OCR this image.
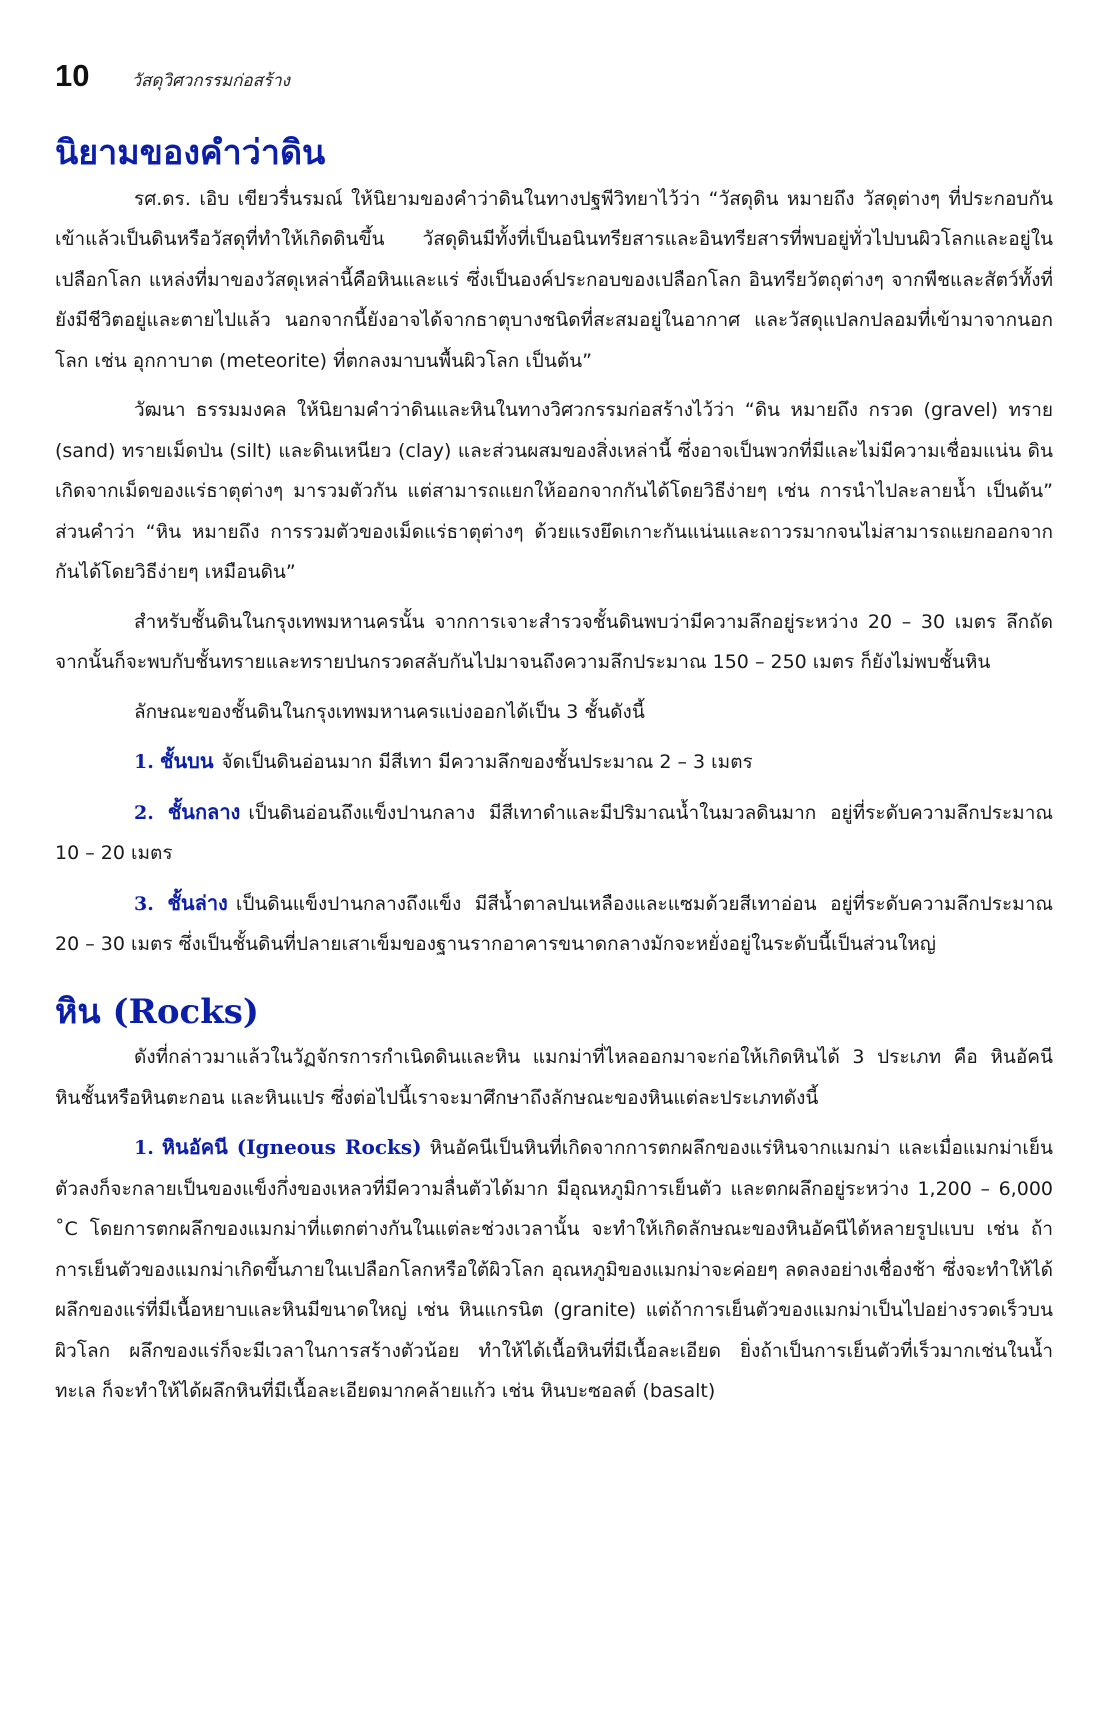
10 วัสดุวิศวกรรมก่อสร้าง
นิยามของคำว่าดิน

รศ.ดร. เอิบ เขียวรื่นรมณ์ ให้นิยามของคำว่าดินในทางปฐพีวิทยาไว้ว่า “วัสดุดิน หมายถึง วัสดุต่างๆ ที่ประกอบกันเข้าแล้วเป็นดินหรือวัสดุที่ทำให้เกิดดินขึ้น วัสดุดินมีทั้งที่เป็นอนินทรียสารและอินทรียสารที่พบอยู่ทั่วไปบนผิวโลกและอยู่ในเปลือกโลก แหล่งที่มาของวัสดุเหล่านี้คือหินและแร่ ซึ่งเป็นองค์ประกอบของเปลือกโลก อินทรียวัตถุต่างๆ จากพืชและสัตว์ทั้งที่ยังมีชีวิตอยู่และตายไปแล้ว นอกจากนี้ยังอาจได้จากธาตุบางชนิดที่สะสมอยู่ในอากาศ และวัสดุแปลกปลอมที่เข้ามาจากนอกโลก เช่น อุกกาบาต (meteorite) ที่ตกลงมาบนพื้นผิวโลก เป็นต้น”

วัฒนา ธรรมมงคล ให้นิยามคำว่าดินและหินในทางวิศวกรรมก่อสร้างไว้ว่า “ดิน หมายถึง กรวด (gravel) ทราย (sand) ทรายเม็ดป่น (silt) และดินเหนียว (clay) และส่วนผสมของสิ่งเหล่านี้ ซึ่งอาจเป็นพวกที่มีและไม่มีความเชื่อมแน่น ดินเกิดจากเม็ดของแร่ธาตุต่างๆ มารวมตัวกัน แต่สามารถแยกให้ออกจากกันได้โดยวิธีง่ายๆ เช่น การนำไปละลายน้ำ เป็นต้น” ส่วนคำว่า “หิน หมายถึง การรวมตัวของเม็ดแร่ธาตุต่างๆ ด้วยแรงยึดเกาะกันแน่นและถาวรมากจนไม่สามารถแยกออกจากกันได้โดยวิธีง่ายๆ เหมือนดิน”

สำหรับชั้นดินในกรุงเทพมหานครนั้น จากการเจาะสำรวจชั้นดินพบว่ามีความลึกอยู่ระหว่าง 20 – 30 เมตร ลึกถัดจากนั้นก็จะพบกับชั้นทรายและทรายปนกรวดสลับกันไปมาจนถึงความลึกประมาณ 150 – 250 เมตร ก็ยังไม่พบชั้นหิน

ลักษณะของชั้นดินในกรุงเทพมหานครแบ่งออกได้เป็น 3 ชั้นดังนี้

1. ชั้นบน จัดเป็นดินอ่อนมาก มีสีเทา มีความลึกของชั้นประมาณ 2 – 3 เมตร

2. ชั้นกลาง เป็นดินอ่อนถึงแข็งปานกลาง มีสีเทาดำและมีปริมาณน้ำในมวลดินมาก อยู่ที่ระดับความลึกประมาณ 10 – 20 เมตร

3. ชั้นล่าง เป็นดินแข็งปานกลางถึงแข็ง มีสีน้ำตาลปนเหลืองและแซมด้วยสีเทาอ่อน อยู่ที่ระดับความลึกประมาณ 20 – 30 เมตร ซึ่งเป็นชั้นดินที่ปลายเสาเข็มของฐานรากอาคารขนาดกลางมักจะหยั่งอยู่ในระดับนี้เป็นส่วนใหญ่

หิน (Rocks)

ดังที่กล่าวมาแล้วในวัฏจักรการกำเนิดดินและหิน แมกม่าที่ไหลออกมาจะก่อให้เกิดหินได้ 3 ประเภท คือ หินอัคนี หินชั้นหรือหินตะกอน และหินแปร ซึ่งต่อไปนี้เราจะมาศึกษาถึงลักษณะของหินแต่ละประเภทดังนี้

1. หินอัคนี (Igneous Rocks) หินอัคนีเป็นหินที่เกิดจากการตกผลึกของแร่หินจากแมกม่า และเมื่อแมกม่าเย็นตัวลงก็จะกลายเป็นของแข็งกึ่งของเหลวที่มีความลื่นตัวได้มาก มีอุณหภูมิการเย็นตัว และตกผลึกอยู่ระหว่าง 1,200 – 6,000 ˚C โดยการตกผลึกของแมกม่าที่แตกต่างกันในแต่ละช่วงเวลานั้น จะทำให้เกิดลักษณะของหินอัคนีได้หลายรูปแบบ เช่น ถ้าการเย็นตัวของแมกม่าเกิดขึ้นภายในเปลือกโลกหรือใต้ผิวโลก อุณหภูมิของแมกม่าจะค่อยๆ ลดลงอย่างเชื่องช้า ซึ่งจะทำให้ได้ผลึกของแร่ที่มีเนื้อหยาบและหินมีขนาดใหญ่ เช่น หินแกรนิต (granite) แต่ถ้าการเย็นตัวของแมกม่าเป็นไปอย่างรวดเร็วบนผิวโลก ผลึกของแร่ก็จะมีเวลาในการสร้างตัวน้อย ทำให้ได้เนื้อหินที่มีเนื้อละเอียด ยิ่งถ้าเป็นการเย็นตัวที่เร็วมากเช่นในน้ำทะเล ก็จะทำให้ได้ผลึกหินที่มีเนื้อละเอียดมากคล้ายแก้ว เช่น หินบะซอลต์ (basalt)
